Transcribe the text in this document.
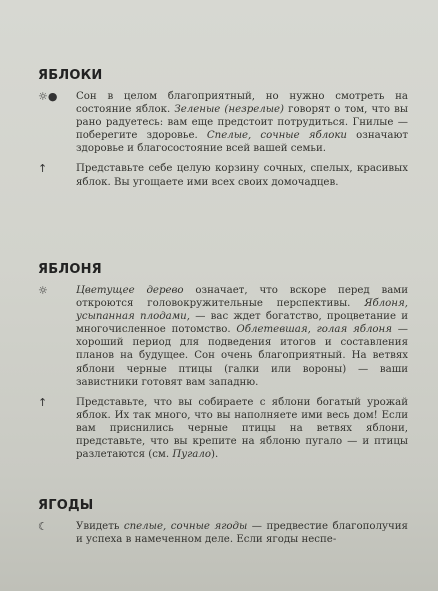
ЯБЛОКИ
☼● Сон в целом благоприятный, но нужно смотреть на состояние яблок. Зеленые (незрелые) говорят о том, что вы рано радуетесь: вам еще предстоит потрудиться. Гнилые — поберегите здоровье. Спелые, сочные яблоки означают здоровье и благосостояние всей вашей семьи.

↑	Представьте себе целую корзину сочных, спелых, красивых яблок. Вы угощаете ими всех своих домочадцев.

ЯБЛОНЯ
☼	Цветущее дерево означает, что вскоре перед вами откроются головокружительные перспективы. Яблоня, усыпанная плодами, — вас ждет богатство, процветание и многочисленное потомство. Облетевшая, голая яблоня — хороший период для подведения итогов и составления планов на будущее. Сон очень благоприятный. На ветвях яблони черные птицы (галки или вороны) — ваши завистники готовят вам западню.

↑	Представьте, что вы собираете с яблони богатый урожай яблок. Их так много, что вы наполняете ими весь дом! Если вам приснились черные птицы на ветвях яблони, представьте, что вы крепите на яблоню пугало — и птицы разлетаются (см. Пугало).

ЯГОДЫ
☾	Увидеть спелые, сочные ягоды — предвестие благополучия и успеха в намеченном деле. Если ягоды неспе-
